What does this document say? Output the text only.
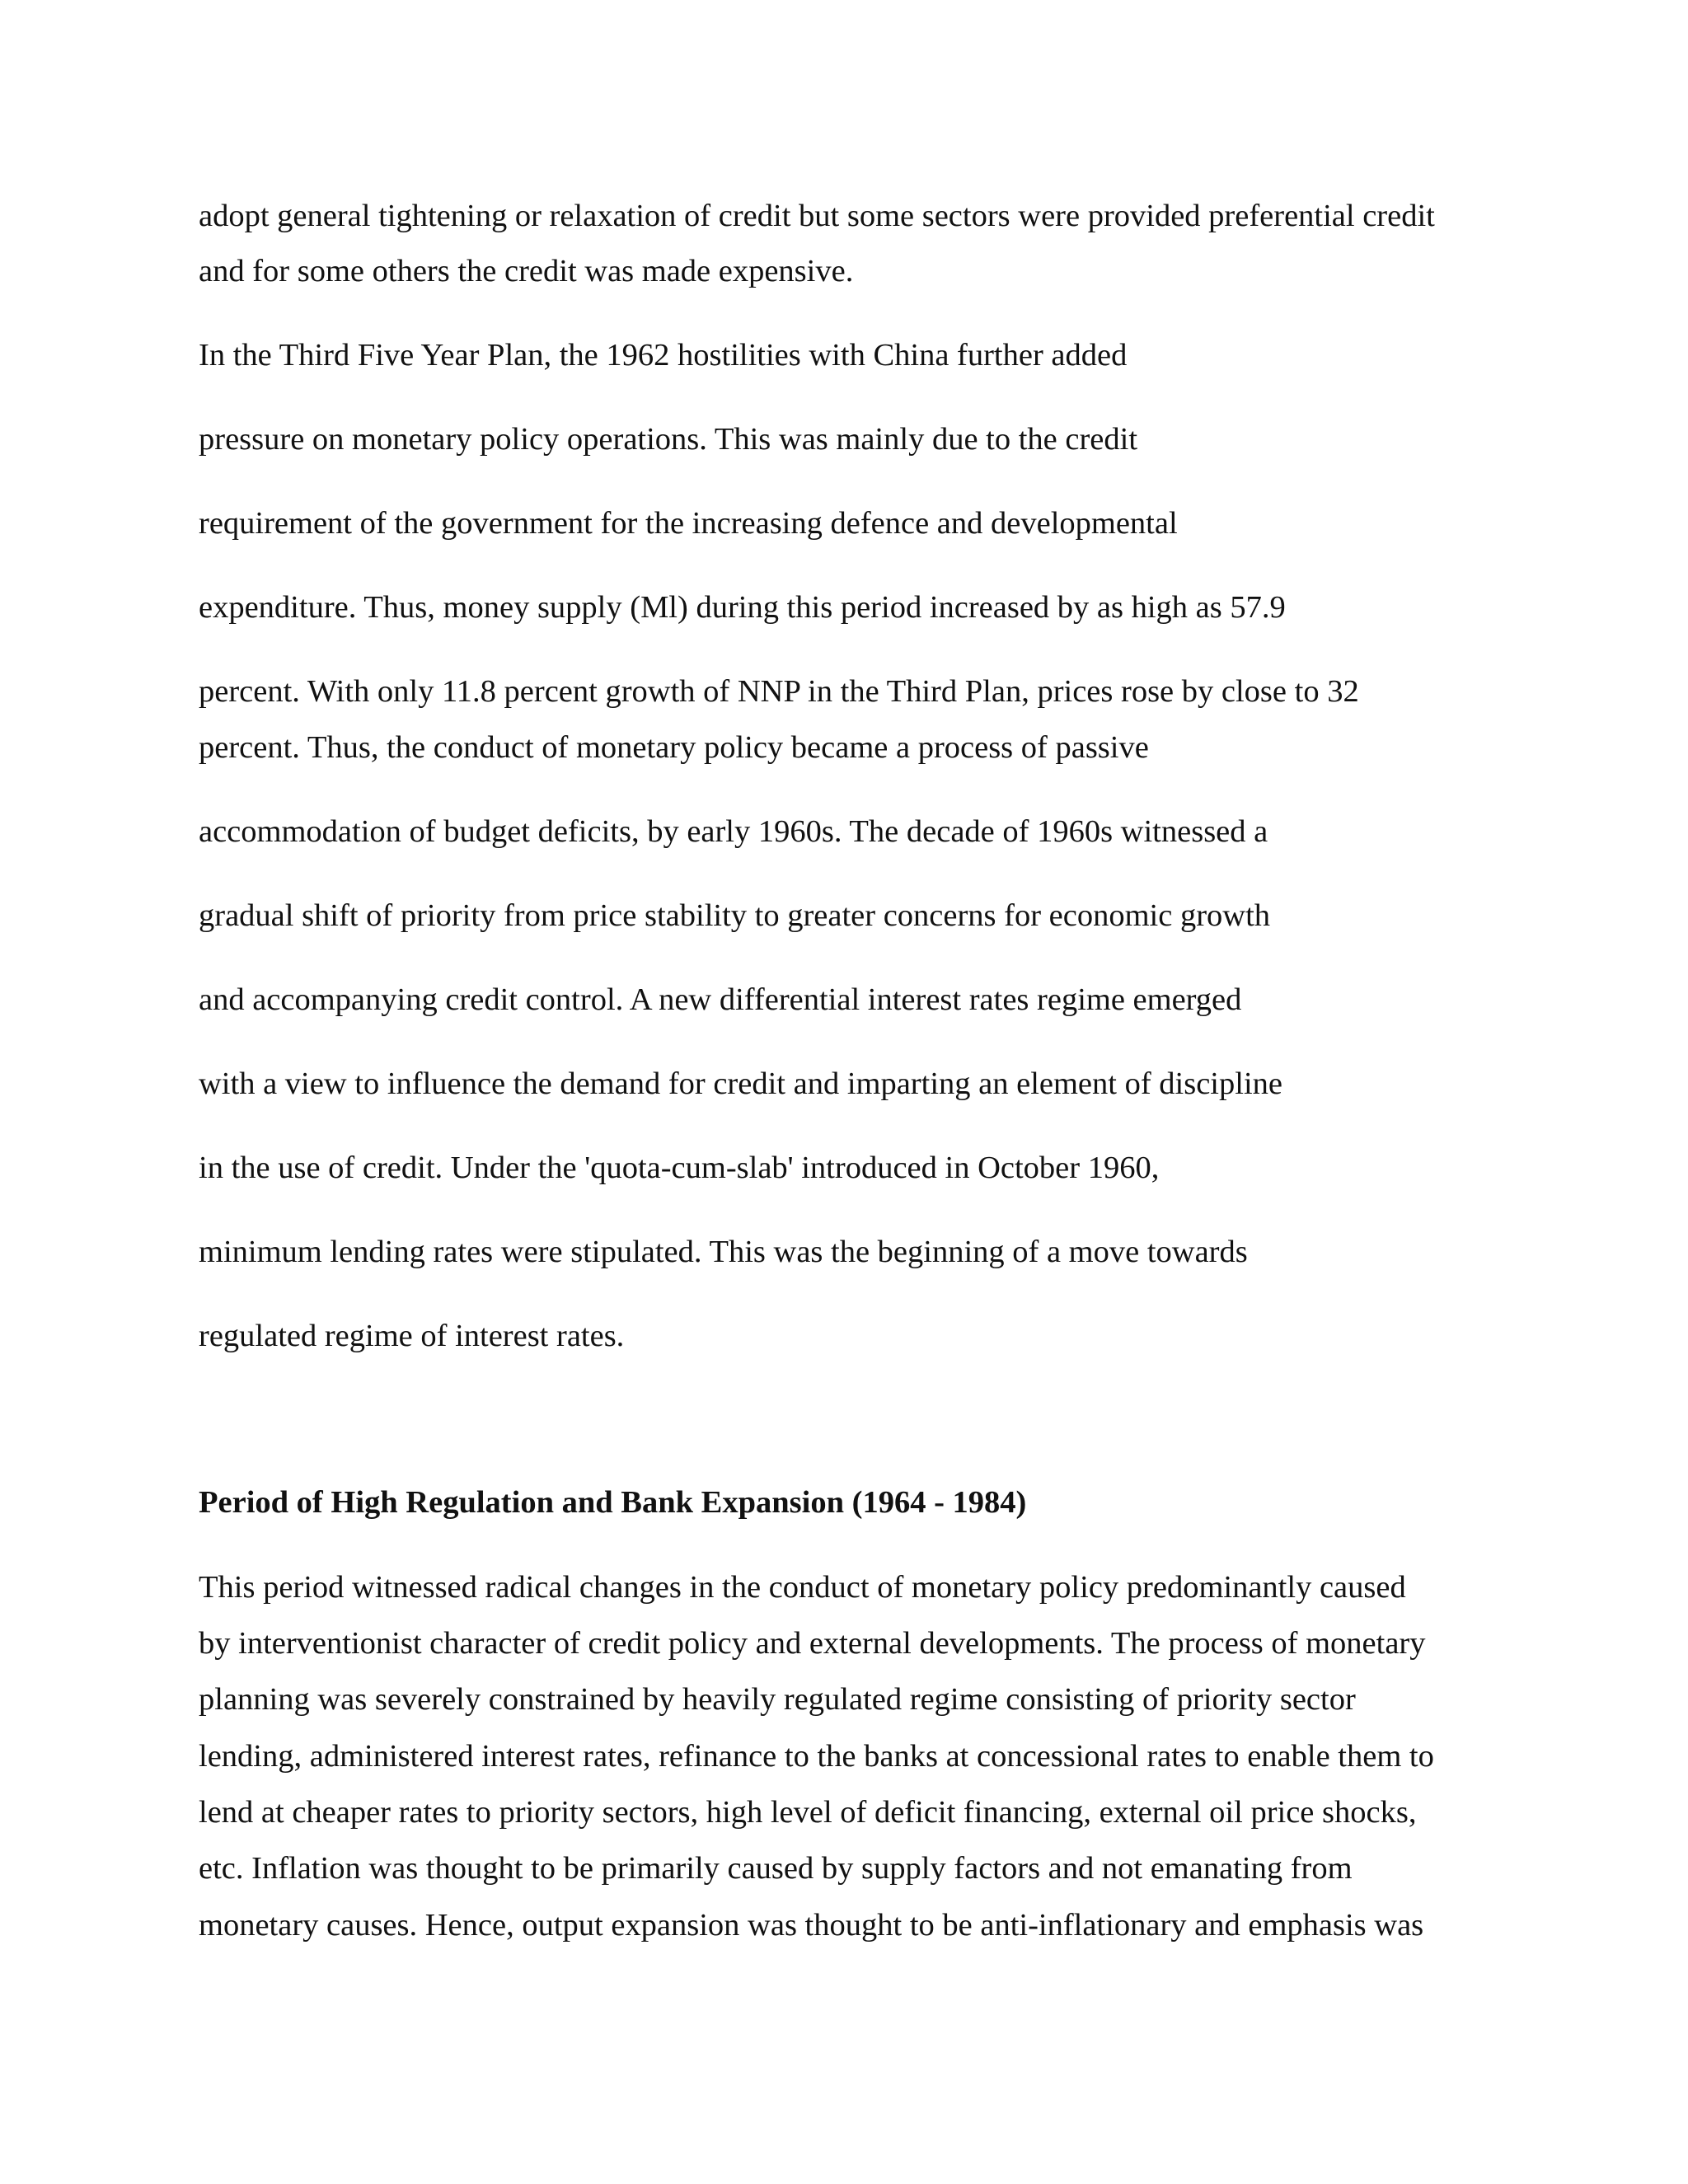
adopt general tightening or relaxation of credit but some sectors were provided preferential credit

and for some others the credit was made expensive.

In the Third Five Year Plan, the 1962 hostilities with China further added

pressure on monetary policy operations. This was mainly due to the credit

requirement of the government for the increasing defence and developmental

expenditure. Thus, money supply (Ml) during this period increased by as high as 57.9

percent. With only 11.8 percent growth of NNP in the Third Plan, prices rose by close to 32

percent. Thus, the conduct of monetary policy became a process of passive

accommodation of budget deficits, by early 1960s. The decade of 1960s witnessed a

gradual shift of priority from price stability to greater concerns for economic growth

and accompanying credit control. A new differential interest rates regime emerged

with a view to influence the demand for credit and imparting an element of discipline

in the use of credit. Under the 'quota-cum-slab' introduced in October 1960,

minimum lending rates were stipulated. This was the beginning of a move towards

regulated regime of interest rates.

Period of High Regulation and Bank Expansion (1964 - 1984)

This period witnessed radical changes in the conduct of monetary policy predominantly caused

by interventionist character of credit policy and external developments. The process of monetary

planning was severely constrained by heavily regulated regime consisting of priority sector

lending, administered interest rates, refinance to the banks at concessional rates to enable them to

lend at cheaper rates to priority sectors, high level of deficit financing, external oil price shocks,

etc. Inflation was thought to be primarily caused by supply factors and not emanating from

monetary causes. Hence, output expansion was thought to be anti-inflationary and emphasis was
